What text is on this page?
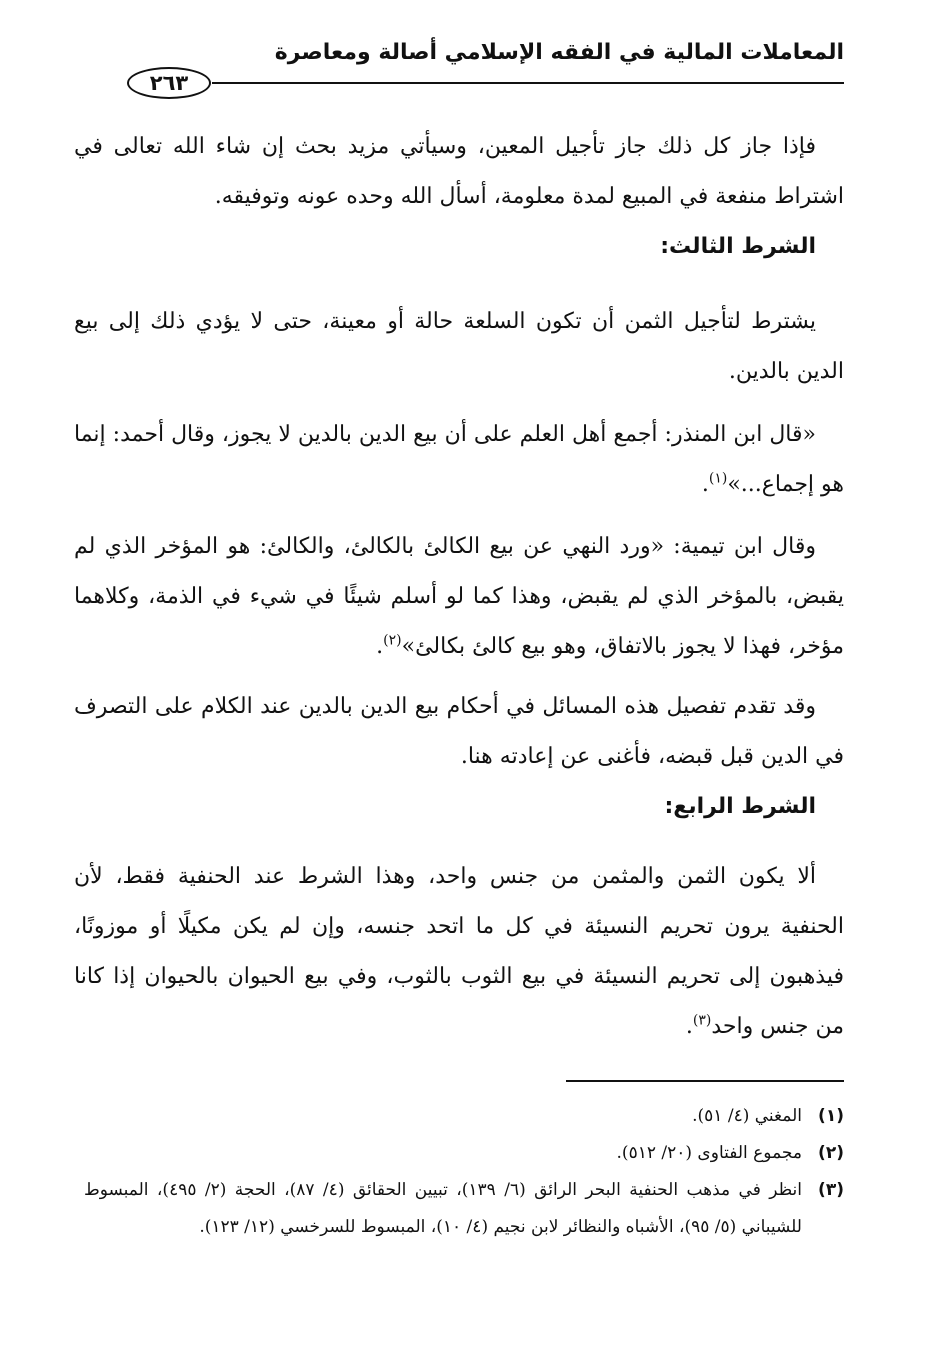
المعاملات المالية في الفقه الإسلامي أصالة ومعاصرة
٢٦٣

فإذا جاز كل ذلك جاز تأجيل المعين، وسيأتي مزيد بحث إن شاء الله تعالى في اشتراط منفعة في المبيع لمدة معلومة، أسأل الله وحده عونه وتوفيقه.

الشرط الثالث:

يشترط لتأجيل الثمن أن تكون السلعة حالة أو معينة، حتى لا يؤدي ذلك إلى بيع الدين بالدين.

«قال ابن المنذر: أجمع أهل العلم على أن بيع الدين بالدين لا يجوز، وقال أحمد: إنما هو إجماع...»$^{(١)}$.

وقال ابن تيمية: «ورد النهي عن بيع الكالئ بالكالئ، والكالئ: هو المؤخر الذي لم يقبض، بالمؤخر الذي لم يقبض، وهذا كما لو أسلم شيئًا في شيء في الذمة، وكلاهما مؤخر، فهذا لا يجوز بالاتفاق، وهو بيع كالئ بكالئ»$^{(٢)}$.

وقد تقدم تفصيل هذه المسائل في أحكام بيع الدين بالدين عند الكلام على التصرف في الدين قبل قبضه، فأغنى عن إعادته هنا.

الشرط الرابع:

ألا يكون الثمن والمثمن من جنس واحد، وهذا الشرط عند الحنفية فقط، لأن الحنفية يرون تحريم النسيئة في كل ما اتحد جنسه، وإن لم يكن مكيلًا أو موزونًا، فيذهبون إلى تحريم النسيئة في بيع الثوب بالثوب، وفي بيع الحيوان بالحيوان إذا كانا من جنس واحد$^{(٣)}$.

(١)
المغني (٤/ ٥١).
(٢)
مجموع الفتاوى (٢٠/ ٥١٢).
(٣)
انظر في مذهب الحنفية البحر الرائق (٦/ ١٣٩)، تبيين الحقائق (٤/ ٨٧)، الحجة (٢/ ٤٩٥)، المبسوط للشيباني (٥/ ٩٥)، الأشباه والنظائر لابن نجيم (٤/ ١٠)، المبسوط للسرخسي (١٢/ ١٢٣).
